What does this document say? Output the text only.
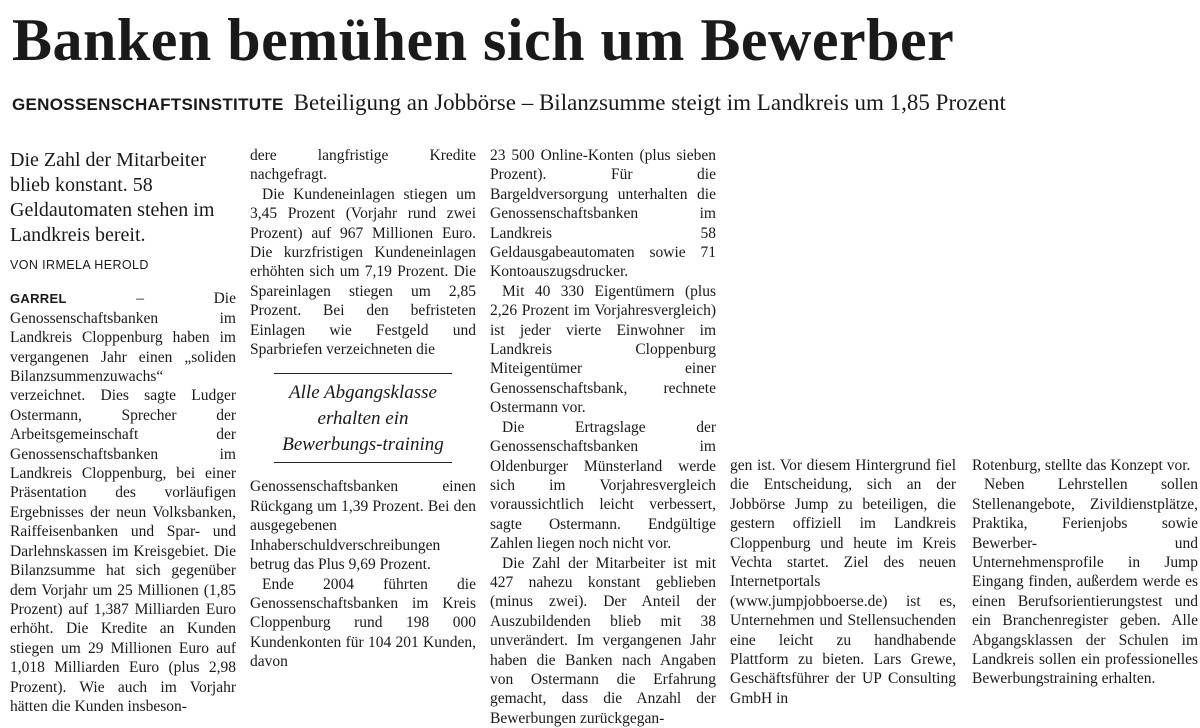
Banken bemühen sich um Bewerber
GENOSSENSCHAFTSINSTITUTE Beteiligung an Jobbörse – Bilanzsumme steigt im Landkreis um 1,85 Prozent
Die Zahl der Mitarbeiter blieb konstant. 58 Geldautomaten stehen im Landkreis bereit.
VON IRMELA HEROLD

GARREL – Die Genossenschaftsbanken im Landkreis Cloppenburg haben im vergangenen Jahr einen „soliden Bilanzsummenzuwachs“ verzeichnet. Dies sagte Ludger Ostermann, Sprecher der Arbeitsgemeinschaft der Genossenschaftsbanken im Landkreis Cloppenburg, bei einer Präsentation des vorläufigen Ergebnisses der neun Volksbanken, Raiffeisenbanken und Spar- und Darlehnskassen im Kreisgebiet. Die Bilanzsumme hat sich gegenüber dem Vorjahr um 25 Millionen (1,85 Prozent) auf 1,387 Milliarden Euro erhöht. Die Kredite an Kunden stiegen um 29 Millionen Euro auf 1,018 Milliarden Euro (plus 2,98 Prozent). Wie auch im Vorjahr hätten die Kunden insbeson-

dere langfristige Kredite nachgefragt.

Die Kundeneinlagen stiegen um 3,45 Prozent (Vorjahr rund zwei Prozent) auf 967 Millionen Euro. Die kurzfristigen Kundeneinlagen erhöhten sich um 7,19 Prozent. Die Spareinlagen stiegen um 2,85 Prozent. Bei den befristeten Einlagen wie Festgeld und Sparbriefen verzeichneten die

Alle Abgangsklasse erhalten ein Bewerbungs-training

Genossenschaftsbanken einen Rückgang um 1,39 Prozent. Bei den ausgegebenen Inhaberschuldverschreibungen betrug das Plus 9,69 Prozent.

Ende 2004 führten die Genossenschaftsbanken im Kreis Cloppenburg rund 198 000 Kundenkonten für 104 201 Kunden, davon

23 500 Online-Konten (plus sieben Prozent). Für die Bargeldversorgung unterhalten die Genossenschaftsbanken im Landkreis 58 Geldausgabeautomaten sowie 71 Kontoauszugsdrucker.

Mit 40 330 Eigentümern (plus 2,26 Prozent im Vorjahresvergleich) ist jeder vierte Einwohner im Landkreis Cloppenburg Miteigentümer einer Genossenschaftsbank, rechnete Ostermann vor.

Die Ertragslage der Genossenschaftsbanken im Oldenburger Münsterland werde sich im Vorjahresvergleich voraussichtlich leicht verbessert, sagte Ostermann. Endgültige Zahlen liegen noch nicht vor.

Die Zahl der Mitarbeiter ist mit 427 nahezu konstant geblieben (minus zwei). Der Anteil der Auszubildenden blieb mit 38 unverändert. Im vergangenen Jahr haben die Banken nach Angaben von Ostermann die Erfahrung gemacht, dass die Anzahl der Bewerbungen zurückgegan-

gen ist. Vor diesem Hintergrund fiel die Entscheidung, sich an der Jobbörse Jump zu beteiligen, die gestern offiziell im Landkreis Cloppenburg und heute im Kreis Vechta startet. Ziel des neuen Internetportals (www.jumpjobboerse.de) ist es, Unternehmen und Stellensuchenden eine leicht zu handhabende Plattform zu bieten. Lars Grewe, Geschäftsführer der UP Consulting GmbH in

Rotenburg, stellte das Konzept vor.

Neben Lehrstellen sollen Stellenangebote, Zivildienstplätze, Praktika, Ferienjobs sowie Bewerber- und Unternehmensprofile in Jump Eingang finden, außerdem werde es einen Berufsorientierungstest und ein Branchenregister geben. Alle Abgangsklassen der Schulen im Landkreis sollen ein professionelles Bewerbungstraining erhalten.
